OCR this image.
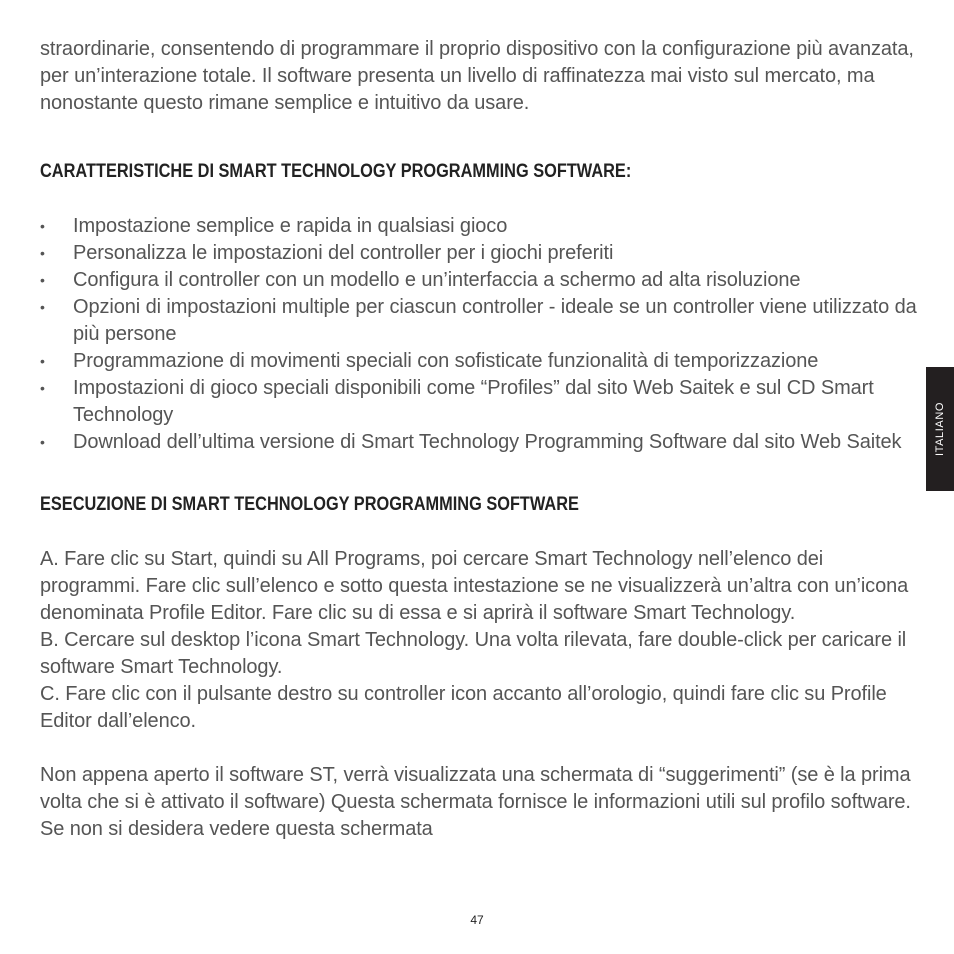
straordinarie, consentendo di programmare il proprio dispositivo con la configurazione più avanzata, per un’interazione totale. Il software presenta un livello di raffinatezza mai visto sul mercato, ma nonostante questo rimane semplice e intuitivo da usare.

CARATTERISTICHE DI SMART TECHNOLOGY PROGRAMMING SOFTWARE:
• Impostazione semplice e rapida in qualsiasi gioco
• Personalizza le impostazioni del controller per i giochi preferiti
• Configura il controller con un modello e un’interfaccia a schermo ad alta risoluzione
• Opzioni di impostazioni multiple per ciascun controller - ideale se un controller viene utilizzato da più persone
• Programmazione di movimenti speciali con sofisticate funzionalità di temporizzazione
• Impostazioni di gioco speciali disponibili come “Profiles” dal sito Web Saitek e sul CD Smart Technology
• Download dell’ultima versione di Smart Technology Programming Software dal sito Web Saitek
ESECUZIONE DI SMART TECHNOLOGY PROGRAMMING SOFTWARE

A. Fare clic su Start, quindi su All Programs, poi cercare Smart Technology nell’elenco dei programmi. Fare clic sull’elenco e sotto questa intestazione se ne visualizzerà un’altra con un’icona denominata Profile Editor. Fare clic su di essa e si aprirà il software Smart Technology.

B. Cercare sul desktop l’icona Smart Technology. Una volta rilevata, fare double-click per caricare il software Smart Technology.

C. Fare clic con il pulsante destro su controller icon accanto all’orologio, quindi fare clic su Profile Editor dall’elenco.

Non appena aperto il software ST, verrà visualizzata una schermata di “suggerimenti” (se è la prima volta che si è attivato il software) Questa schermata fornisce le informazioni utili sul profilo software. Se non si desidera vedere questa schermata

ITALIANO
47
